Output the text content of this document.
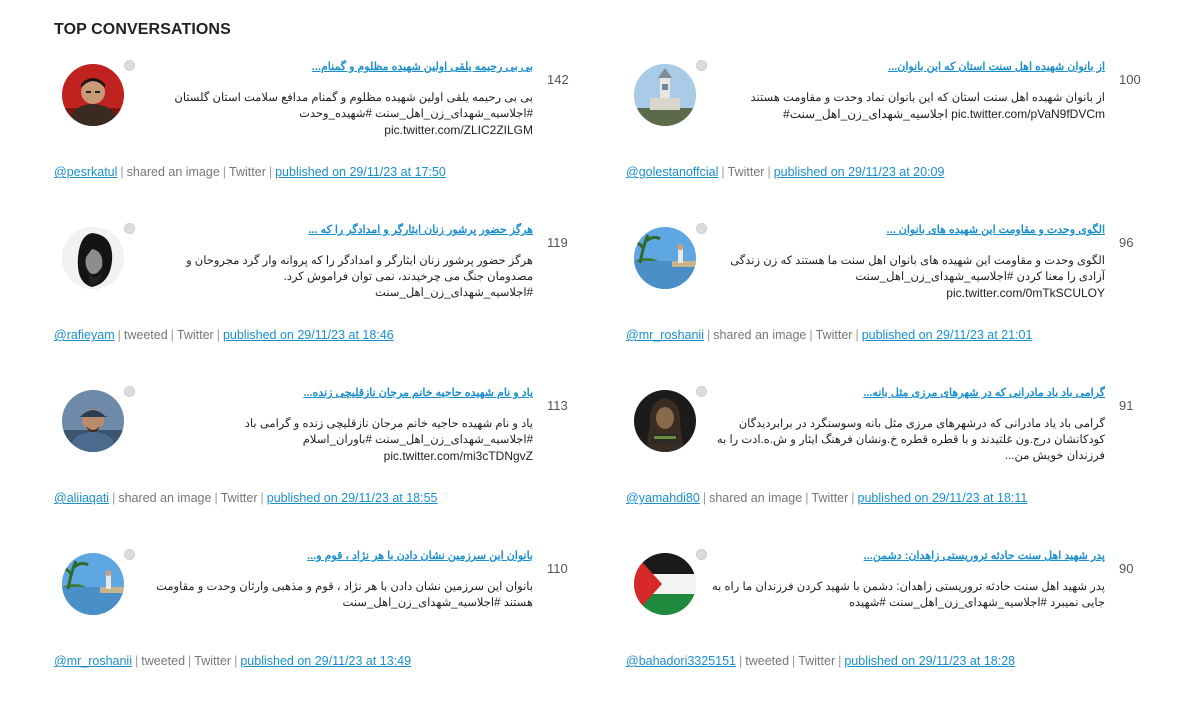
TOP CONVERSATIONS
142
بی بی رحیمه یلقی اولین شهیده مظلوم و گمنام...
بی بی رحیمه یلقی اولین شهیده مظلوم و گمنام مدافع سلامت استان گلستان
#اجلاسیه_شهدای_زن_اهل_سنت #شهیده_وحدت
pic.twitter.com/ZLIC2ZILGM
@pesrkatul | shared an image | Twitter | published on 29/11/23 at 17:50
100
از بانوان شهیده اهل سنت استان که این بانوان...
از بانوان شهیده اهل سنت استان که این بانوان نماد وحدت و مقاومت هستند
#اجلاسیه_شهدای_زن_اهل_سنت pic.twitter.com/pVaN9fDVCm
@golestanoffcial | Twitter | published on 29/11/23 at 20:09
119
هرگز حضور پرشور زنان ایثارگر و امدادگر را که ...
هرگز حضور پرشور زنان ایثارگر و امدادگر را که پروانه وار گرد مجروحان و
مصدومان جنگ می چرخیدند، نمی توان فراموش کرد.
#اجلاسیه_شهدای_زن_اهل_سنت
@rafieyam | tweeted | Twitter | published on 29/11/23 at 18:46
96
الگوی وحدت و مقاومت این شهیده های بانوان ...
الگوی وحدت و مقاومت این شهیده های بانوان اهل سنت ما هستند که زن زندگی
آزادی را معنا کردن #اجلاسیه_شهدای_زن_اهل_سنت
pic.twitter.com/0mTkSCULOY
@mr_roshanii | shared an image | Twitter | published on 29/11/23 at 21:01
113
یاد و نام شهیده حاجیه خانم مرجان نازقلیچی زنده...
یاد و نام شهیده حاجیه خانم مرجان نازقلیچی زنده و گرامی باد
#اجلاسیه_شهدای_زن_اهل_سنت #باوران_اسلام
pic.twitter.com/mi3cTDNgvZ
@aliiaqati | shared an image | Twitter | published on 29/11/23 at 18:55
91
گرامی باد یاد مادرانی که در شهرهای مرزی مثل بانه...
گرامی باد یاد مادرانی که درشهرهای مرزی مثل بانه وسوسنگرد در برابردیدگان
کودکانشان درج.ون غلتیدند و با قطره قطره خ.ونشان فرهنگ ایثار و ش.ه.ادت را به
فرزندان خویش من...
@yamahdi80 | shared an image | Twitter | published on 29/11/23 at 18:11
110
بانوان این سرزمین نشان دادن با هر نژاد ، قوم و...
بانوان این سرزمین نشان دادن با هر نژاد ، قوم و مذهبی وارثان وحدت و مقاومت
هستند #اجلاسیه_شهدای_زن_اهل_سنت
@mr_roshanii | tweeted | Twitter | published on 29/11/23 at 13:49
90
پدر شهید اهل سنت حادثه تروریستی زاهدان: دشمن...
پدر شهید اهل سنت حادثه تروریستی زاهدان: دشمن با شهید کردن فرزندان ما راه به
جایی نمیبرد #اجلاسیه_شهدای_زن_اهل_سنت #شهیده
@bahadori3325151 | tweeted | Twitter | published on 29/11/23 at 18:28
